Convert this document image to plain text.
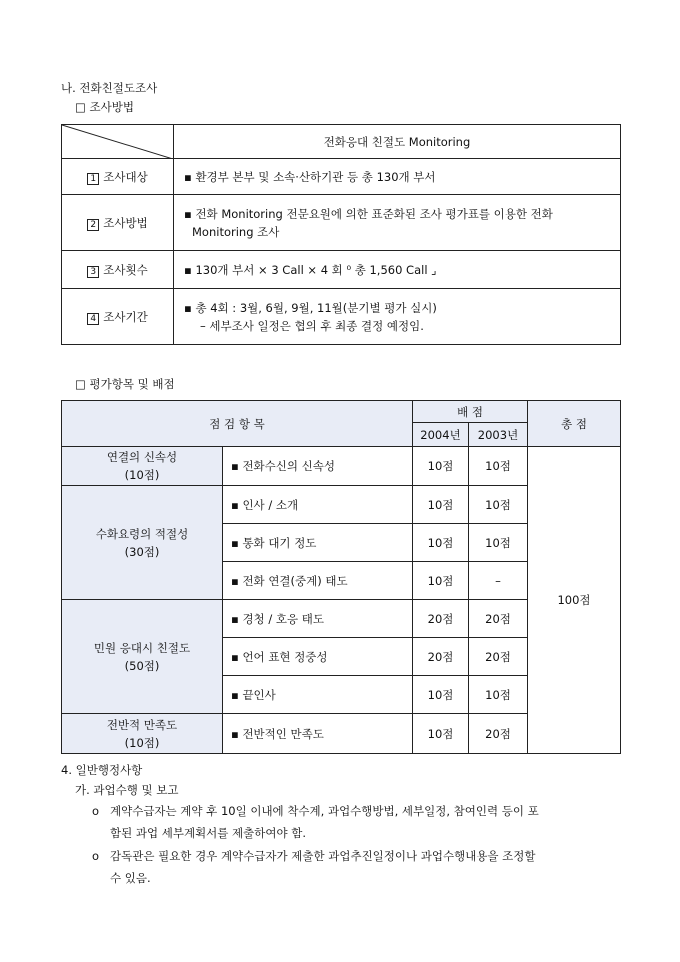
나. 전화친절도조사
□ 조사방법
	전화응대 친절도 Monitoring
1 조사대상	▪ 환경부 본부 및 소속·산하기관 등 총 130개 부서

2 조사방법	▪ 전화 Monitoring 전문요원에 의한 표준화된 조사 평가표를 이용한 전화
Monitoring 조사

3 조사횟수	▪ 130개 부서 × 3 Call × 4 회 ⁰ 총 1,560 Call ⌟

4 조사기간	▪ 총 4회 : 3월, 6월, 9월, 11월(분기별 평가 실시)
– 세부조사 일정은 협의 후 최종 결정 예정임.
□ 평가항목 및 배점
점 검 항 목		배 점		총 점
		2004년	2003년	

연결의 신속성
(10점)	▪ 전화수신의 신속성	10점	10점	100점

수화요령의 적절성
(30점)	▪ 인사 / 소개	10점	10점	
	▪ 통화 대기 정도	10점	10점	
	▪ 전화 연결(중계) 태도	10점	–	

민원 응대시 친절도
(50점)	▪ 경청 / 호응 태도	20점	20점	
	▪ 언어 표현 정중성	20점	20점	
	▪ 끝인사	10점	10점	

전반적 만족도
(10점)	▪ 전반적인 만족도	10점	20점	
4. 일반행정사항
가. 과업수행 및 보고
o 계약수급자는 계약 후 10일 이내에 착수계, 과업수행방법, 세부일정, 참여인력 등이 포
함된 과업 세부계획서를 제출하여야 함.
o 감독관은 필요한 경우 계약수급자가 제출한 과업추진일정이나 과업수행내용을 조정할
수 있음.
